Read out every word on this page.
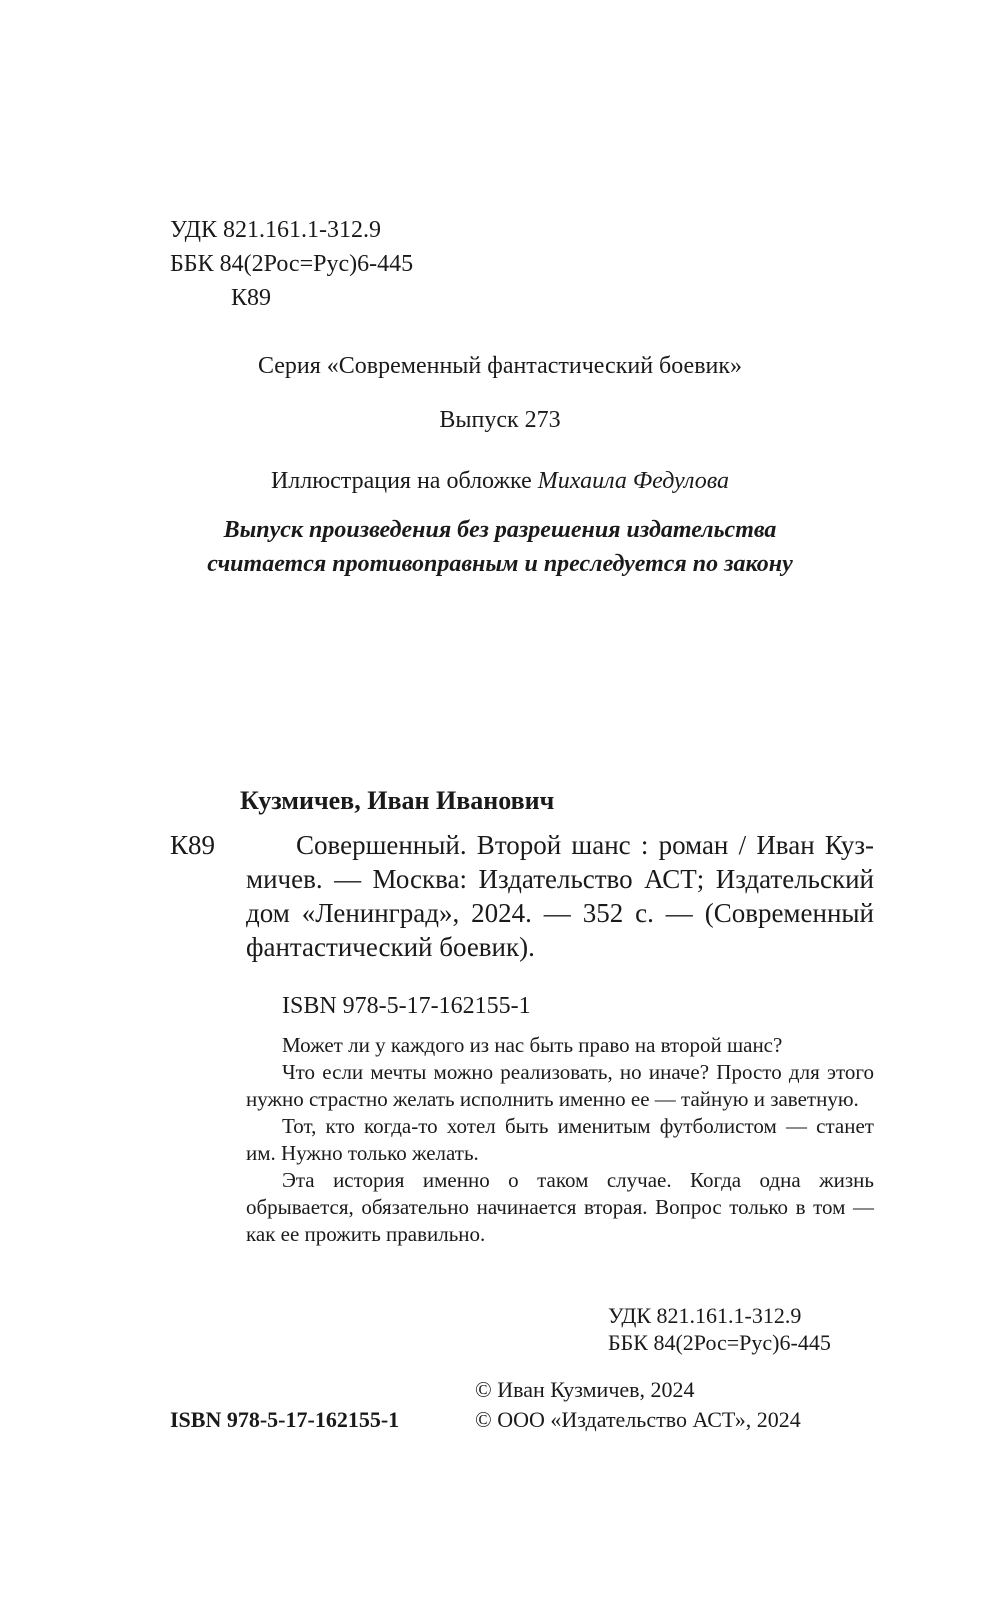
УДК 821.161.1-312.9
ББК 84(2Рос=Рус)6-445
К89
Серия «Современный фантастический боевик»
Выпуск 273
Иллюстрация на обложке Михаила Федулова
Выпуск произведения без разрешения издательства
считается противоправным и преследуется по закону
Кузмичев, Иван Иванович
К89	Совершенный. Второй шанс : роман / Иван Куз-
мичев. — Москва: Издательство АСТ; Издательский
дом «Ленинград», 2024. — 352 с. — (Современный
фантастический боевик).
ISBN 978-5-17-162155-1

Может ли у каждого из нас быть право на второй шанс?

Что если мечты можно реализовать, но иначе? Просто для этого нужно страстно желать исполнить именно ее — тайную и заветную.

Тот, кто когда-то хотел быть именитым футболистом — станет им. Нужно только желать.

Эта история именно о таком случае. Когда одна жизнь обрывается, обязательно начинается вторая. Вопрос только в том — как ее прожить правильно.

УДК 821.161.1-312.9
ББК 84(2Рос=Рус)6-445
© Иван Кузмичев, 2024
ISBN 978-5-17-162155-1	© ООО «Издательство АСТ», 2024
